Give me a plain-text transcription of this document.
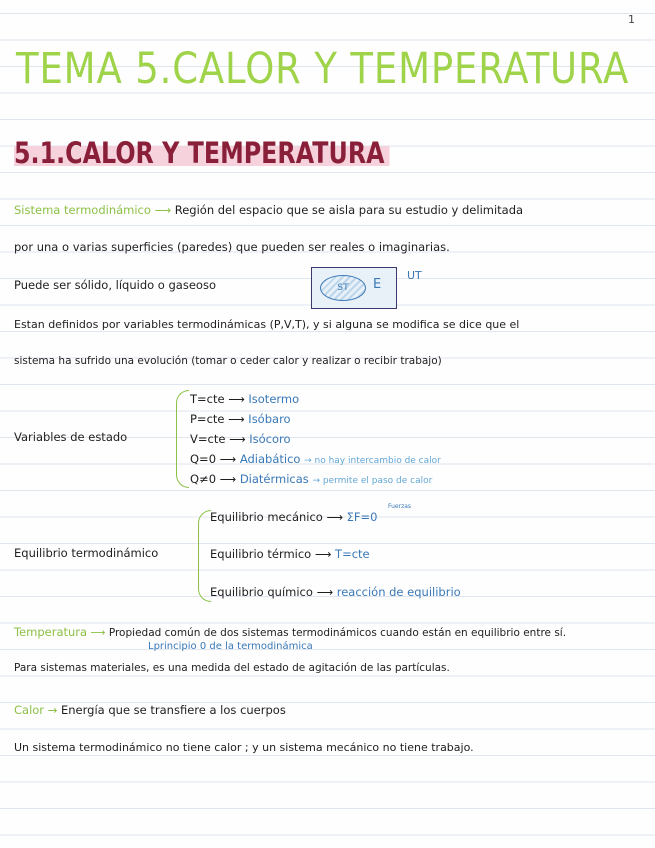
1
TEMA 5.CALOR Y TEMPERATURA
5.1.CALOR Y TEMPERATURA
Sistema termodinámico ⟶ Región del espacio que se aisla para su estudio y delimitada
por una o varias superficies (paredes) que pueden ser reales o imaginarias.
Puede ser sólido, líquido o gaseoso	ST E
UT
Estan definidos por variables termodinámicas (P,V,T), y si alguna se modifica se dice que el
sistema ha sufrido una evolución (tomar o ceder calor y realizar o recibir trabajo)
Variables de estado
T=cte ⟶ Isotermo
P=cte ⟶ Isóbaro
V=cte ⟶ Isócoro
Q=0 ⟶ Adiabático → no hay intercambio de calor
Q≠0 ⟶ Diatérmicas → permite el paso de calor
Equilibrio termodinámico
Equilibrio mecánico ⟶ ΣF=0
Fuerzas
Equilibrio térmico ⟶ T=cte
Equilibrio químico ⟶ reacción de equilibrio
Temperatura ⟶ Propiedad común de dos sistemas termodinámicos cuando están en equilibrio entre sí.
Lprincipio 0 de la termodinámica
Para sistemas materiales, es una medida del estado de agitación de las partículas.
Calor → Energía que se transfiere a los cuerpos
Un sistema termodinámico no tiene calor ; y un sistema mecánico no tiene trabajo.
